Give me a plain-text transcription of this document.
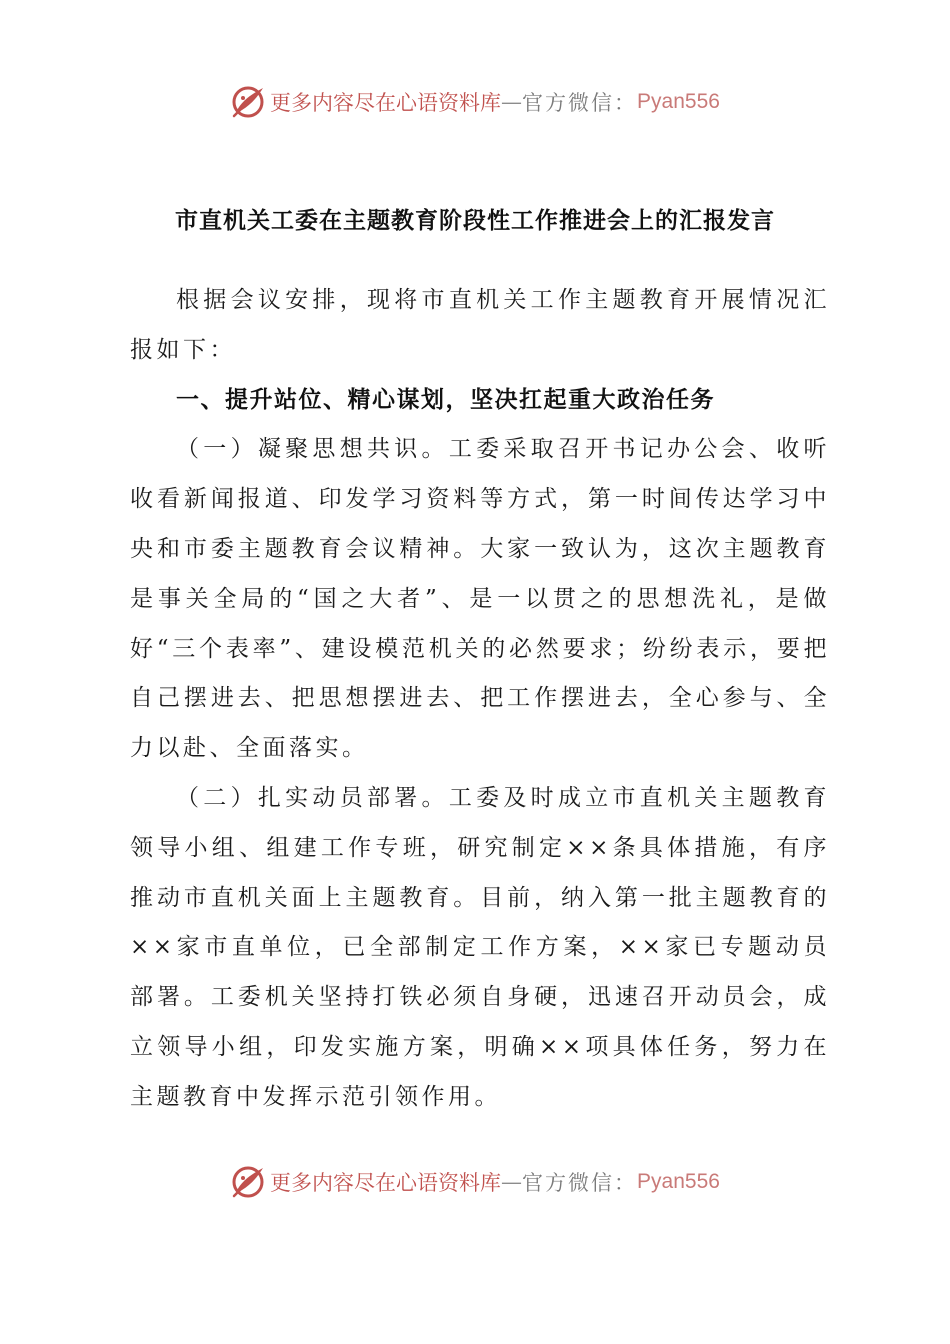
更多内容尽在心语资料库 — 官方微信： Pyan556
市直机关工委在主题教育阶段性工作推进会上的汇报发言

根据会议安排，现将市直机关工作主题教育开展情况汇报如下：

一、提升站位、精心谋划，坚决扛起重大政治任务

（一）凝聚思想共识。工委采取召开书记办公会、收听收看新闻报道、印发学习资料等方式，第一时间传达学习中央和市委主题教育会议精神。大家一致认为，这次主题教育是事关全局的“国之大者”、是一以贯之的思想洗礼，是做好“三个表率”、建设模范机关的必然要求；纷纷表示，要把自己摆进去、把思想摆进去、把工作摆进去，全心参与、全力以赴、全面落实。

（二）扎实动员部署。工委及时成立市直机关主题教育领导小组、组建工作专班，研究制定××条具体措施，有序推动市直机关面上主题教育。目前，纳入第一批主题教育的××家市直单位，已全部制定工作方案，××家已专题动员部署。工委机关坚持打铁必须自身硬，迅速召开动员会，成立领导小组，印发实施方案，明确××项具体任务，努力在主题教育中发挥示范引领作用。

更多内容尽在心语资料库 — 官方微信： Pyan556
